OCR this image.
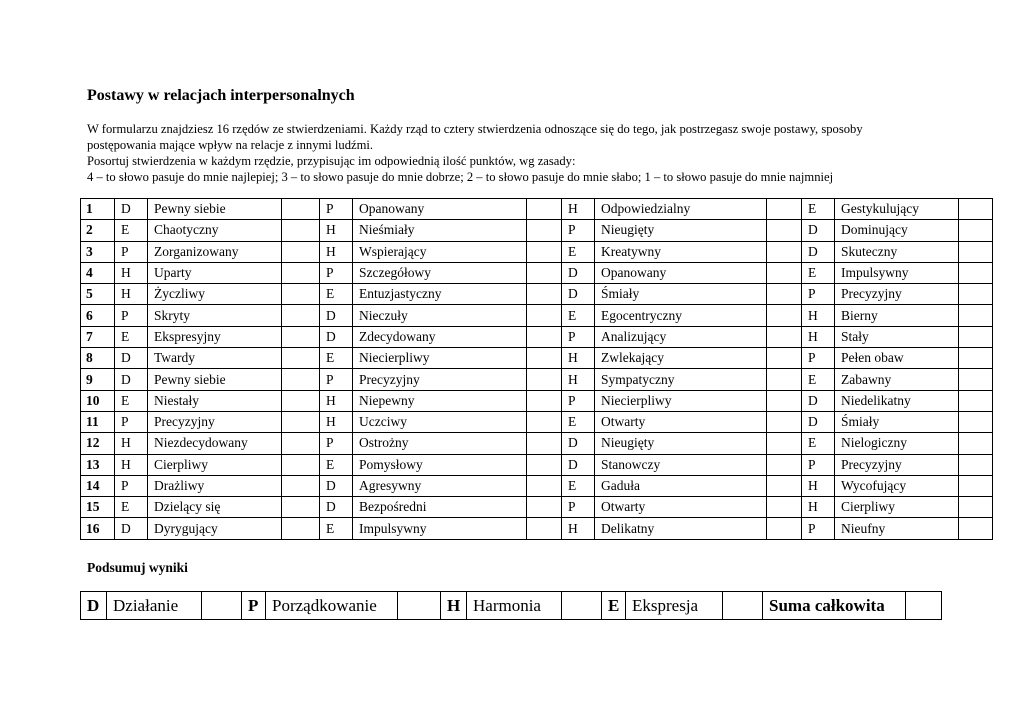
Postawy w relacjach interpersonalnych
W formularzu znajdziesz 16 rzędów ze stwierdzeniami. Każdy rząd to cztery stwierdzenia odnoszące się do tego, jak postrzegasz swoje postawy, sposoby
postępowania mające wpływ na relacje z innymi ludźmi.
Posortuj stwierdzenia w każdym rzędzie, przypisując im odpowiednią ilość punktów, wg zasady:
4 – to słowo pasuje do mnie najlepiej; 3 – to słowo pasuje do mnie dobrze; 2 – to słowo pasuje do mnie słabo; 1 – to słowo pasuje do mnie najmniej
1	D	Pewny siebie		P	Opanowany		H	Odpowiedzialny		E	Gestykulujący	
2	E	Chaotyczny		H	Nieśmiały		P	Nieugięty		D	Dominujący	
3	P	Zorganizowany		H	Wspierający		E	Kreatywny		D	Skuteczny	
4	H	Uparty		P	Szczegółowy		D	Opanowany		E	Impulsywny	
5	H	Życzliwy		E	Entuzjastyczny		D	Śmiały		P	Precyzyjny	
6	P	Skryty		D	Nieczuły		E	Egocentryczny		H	Bierny	
7	E	Ekspresyjny		D	Zdecydowany		P	Analizujący		H	Stały	
8	D	Twardy		E	Niecierpliwy		H	Zwlekający		P	Pełen obaw	
9	D	Pewny siebie		P	Precyzyjny		H	Sympatyczny		E	Zabawny	
10	E	Niestały		H	Niepewny		P	Niecierpliwy		D	Niedelikatny	
11	P	Precyzyjny		H	Uczciwy		E	Otwarty		D	Śmiały	
12	H	Niezdecydowany		P	Ostrożny		D	Nieugięty		E	Nielogiczny	
13	H	Cierpliwy		E	Pomysłowy		D	Stanowczy		P	Precyzyjny	
14	P	Drażliwy		D	Agresywny		E	Gaduła		H	Wycofujący	
15	E	Dzielący się		D	Bezpośredni		P	Otwarty		H	Cierpliwy	
16	D	Dyrygujący		E	Impulsywny		H	Delikatny		P	Nieufny	
Podsumuj wyniki
D	Działanie		P	Porządkowanie		H	Harmonia		E	Ekspresja		Suma całkowita	
